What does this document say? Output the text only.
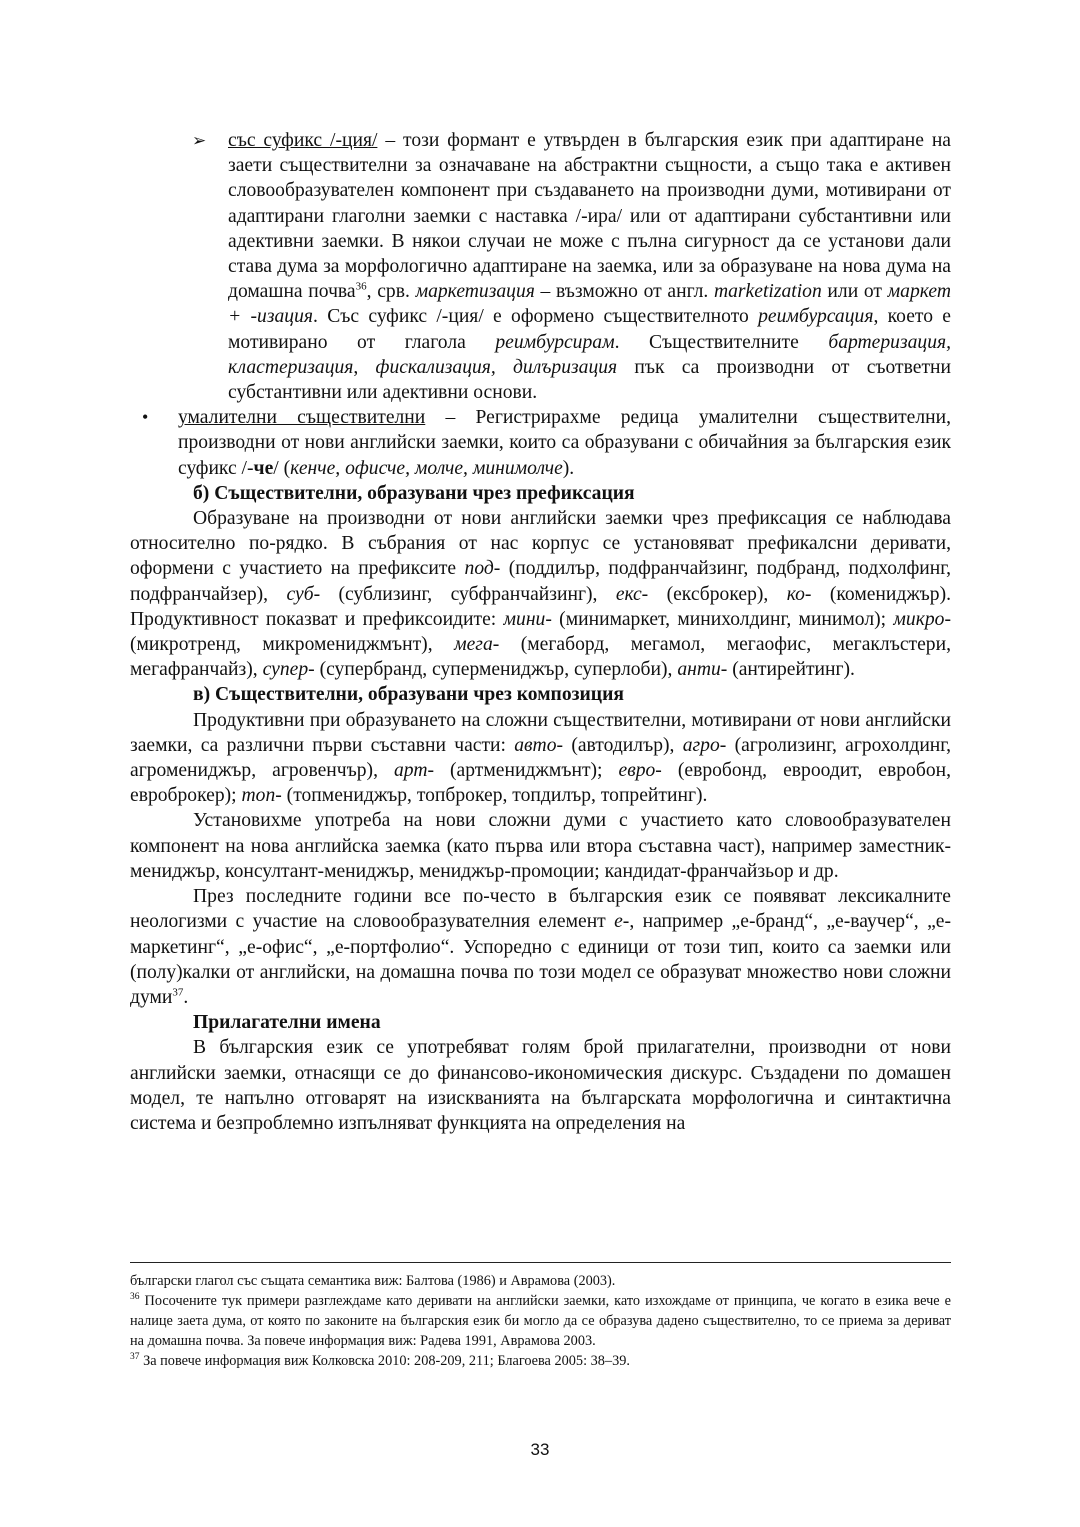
➢ със суфикс /-ция/ – този формант е утвърден в българския език при адаптиране на заети съществителни за означаване на абстрактни същности, а също така е активен словообразувателен компонент при създаването на производни думи, мотивирани от адаптирани глаголни заемки с наставка /-ира/ или от адаптирани субстантивни или адективни заемки. В някои случаи не може с пълна сигурност да се установи дали става дума за морфологично адаптиране на заемка, или за образуване на нова дума на домашна почва$^{36}$, срв. маркетизация – възможно от англ. marketization или от маркет + -изация. Със суфикс /-ция/ е оформено съществителното реимбурсация, което е мотивирано от глагола реимбурсирам. Съществителните бартеризация, кластеризация, фискализация, дилъризация пък са производни от съответни субстантивни или адективни основи.

• умалителни съществителни – Регистрирахме редица умалителни съществителни, производни от нови английски заемки, които са образувани с обичайния за българския език суфикс /-че/ (кенче, офисче, молче, минимолче).

б) Съществителни, образувани чрез префиксация

Образуване на производни от нови английски заемки чрез префиксация се наблюдава относително по-рядко. В събрания от нас корпус се установяват префикалсни деривати, оформени с участието на префиксите под- (поддилър, подфранчайзинг, подбранд, подхолфинг, подфранчайзер), суб- (сублизинг, субфранчайзинг), екс- (ексброкер), ко- (комениджър). Продуктивност показват и префиксоидите: мини- (минимаркет, минихолдинг, минимол); микро- (микротренд, микромениджмънт), мега- (мегаборд, мегамол, мегаофис, мегаклъстери, мегафранчайз), супер- (супербранд, супермениджър, суперлоби), анти- (антирейтинг).

в) Съществителни, образувани чрез композиция

Продуктивни при образуването на сложни съществителни, мотивирани от нови английски заемки, са различни първи съставни части: авто- (автодилър), агро- (агролизинг, агрохолдинг, агромениджър, агровенчър), арт- (артмениджмънт); евро- (евробонд, евроодит, евробон, евроброкер); топ- (топмениджър, топброкер, топдилър, топрейтинг).

Установихме употреба на нови сложни думи с участието като словообразувателен компонент на нова английска заемка (като първа или втора съставна част), например заместник-мениджър, консултант-мениджър, мениджър-промоции; кандидат-франчайзьор и др.

През последните години все по-често в българския език се появяват лексикалните неологизми с участие на словообразувателния елемент е-, например „е-бранд“, „е-ваучер“, „е-маркетинг“, „е-офис“, „е-портфолио“. Успоредно с единици от този тип, които са заемки или (полу)калки от английски, на домашна почва по този модел се образуват множество нови сложни думи$^{37}$.

Прилагателни имена

В българския език се употребяват голям брой прилагателни, производни от нови английски заемки, отнасящи се до финансово-икономическия дискурс. Създадени по домашен модел, те напълно отговарят на изискванията на българската морфологична и синтактична система и безпроблемно изпълняват функцията на определения на

български глагол със същата семантика виж: Балтова (1986) и Аврамова (2003).

$^{36}$ Посочените тук примери разглеждаме като деривати на английски заемки, като изхождаме от принципа, че когато в езика вече е налице заета дума, от която по законите на българския език би могло да се образува дадено съществително, то се приема за дериват на домашна почва. За повече информация виж: Радева 1991, Аврамова 2003.

$^{37}$ За повече информация виж Колковска 2010: 208-209, 211; Благоева 2005: 38–39.

33
